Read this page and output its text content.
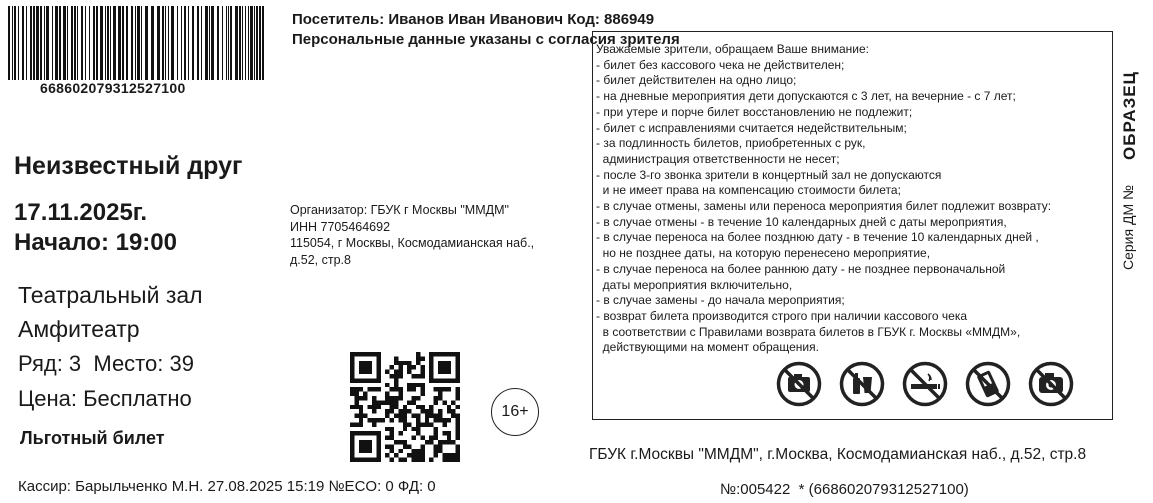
668602079312527100
Посетитель: Иванов Иван Иванович Код: 886949
Персональные данные указаны с согласия зрителя
Неизвестный друг
17.11.2025г.
Начало: 19:00
Театральный зал
Амфитеатр
Ряд: 3  Место: 39
Цена: Бесплатно
Льготный билет
Кассир: Барыльченко М.Н. 27.08.2025 15:19 №ECO: 0 ФД: 0
Организатор: ГБУК г Москвы "ММДМ"
ИНН 7705464692
115054, г Москвы, Космодамианская наб.,
д.52, стр.8
16+
Уважаемые зрители, обращаем Ваше внимание:
- билет без кассового чека не действителен;
- билет действителен на одно лицо;
- на дневные мероприятия дети допускаются с 3 лет, на вечерние - с 7 лет;
- при утере и порче билет восстановлению не подлежит;
- билет с исправлениями считается недействительным;
- за подлинность билетов, приобретенных с рук,
администрация ответственности не несет;
- после 3-го звонка зрители в концертный зал не допускаются
и не имеет права на компенсацию стоимости билета;
- в случае отмены, замены или переноса мероприятия билет подлежит возврату:
- в случае отмены - в течение 10 календарных дней с даты мероприятия,
- в случае переноса на более позднюю дату - в течение 10 календарных дней ,
но не позднее даты, на которую перенесено мероприятие,
- в случае переноса на более раннюю дату - не позднее первоначальной
даты мероприятия включительно,
- в случае замены - до начала мероприятия;
- возврат билета производится строго при наличии кассового чека
в соответствии с Правилами возврата билетов в ГБУК г. Москвы «ММДМ»,
действующими на момент обращения.
Серия ДМ №
ОБРАЗЕЦ
ГБУК г.Москвы "ММДМ", г.Москва, Космодамианская наб., д.52, стр.8
№:005422  * (668602079312527100)
